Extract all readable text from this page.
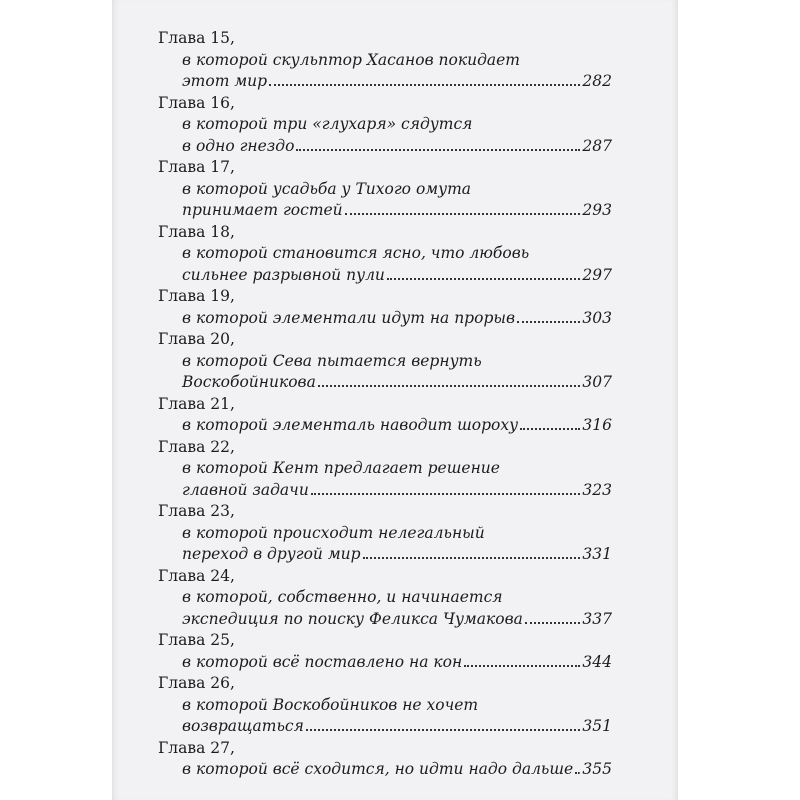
Глава 15,
в которой скульптор Хасанов покидает
этот мир	282
Глава 16,
в которой три «глухаря» сядутся
в одно гнездо	287
Глава 17,
в которой усадьба у Тихого омута
принимает гостей	293
Глава 18,
в которой становится ясно, что любовь
сильнее разрывной пули	297
Глава 19,
в которой элементали идут на прорыв	303
Глава 20,
в которой Сева пытается вернуть
Воскобойникова	307
Глава 21,
в которой элементаль наводит шороху	316
Глава 22,
в которой Кент предлагает решение
главной задачи	323
Глава 23,
в которой происходит нелегальный
переход в другой мир	331
Глава 24,
в которой, собственно, и начинается
экспедиция по поиску Феликса Чумакова	337
Глава 25,
в которой всё поставлено на кон	344
Глава 26,
в которой Воскобойников не хочет
возвращаться	351
Глава 27,
в которой всё сходится, но идти надо дальше 355
